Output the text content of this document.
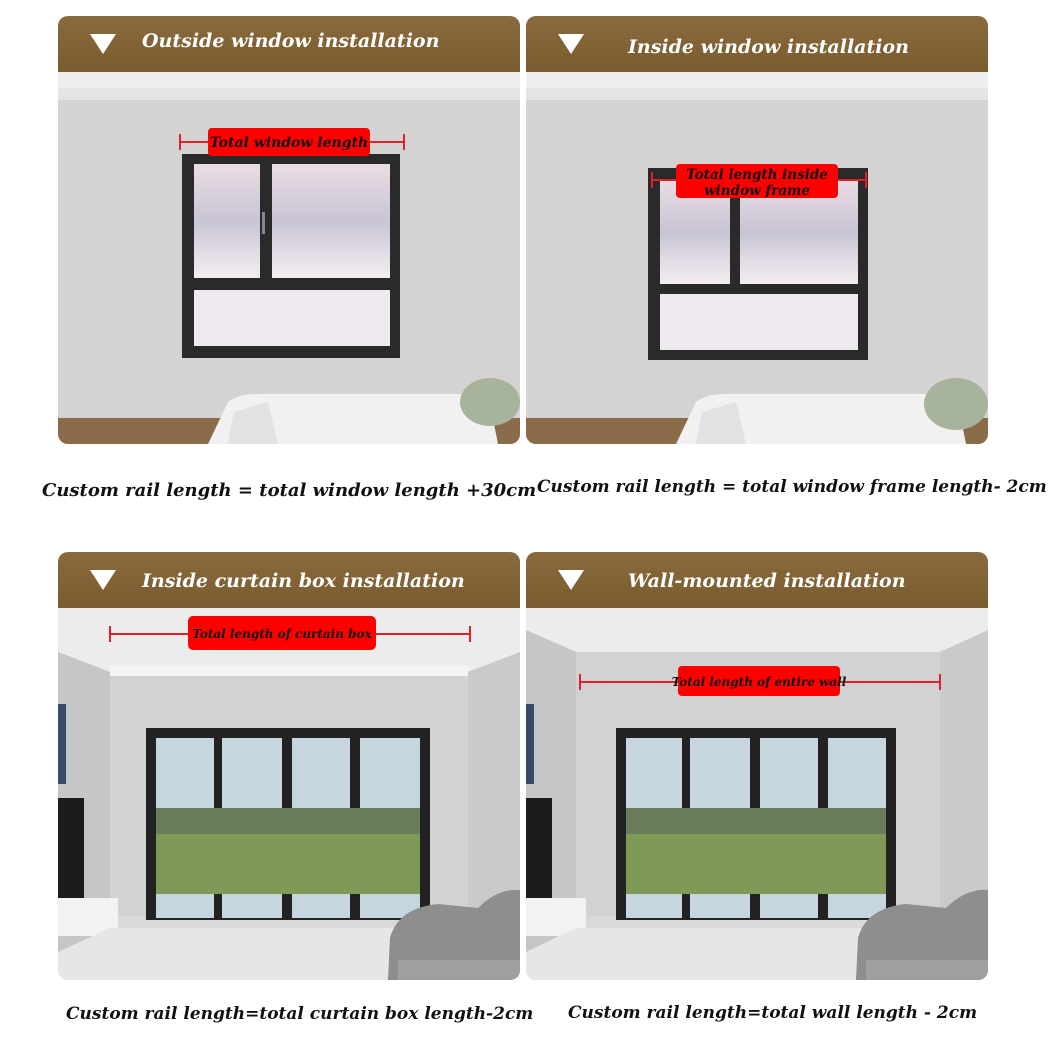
Outside window installation
Total window length
Custom rail length = total window length +30cm
Inside window installation
Total length inside
window frame
Custom rail length = total window frame length- 2cm
Inside curtain box installation
Total length of curtain box
Custom rail length=total curtain box length-2cm
Wall-mounted installation
Total length of entire wall
Custom rail length=total wall length - 2cm
